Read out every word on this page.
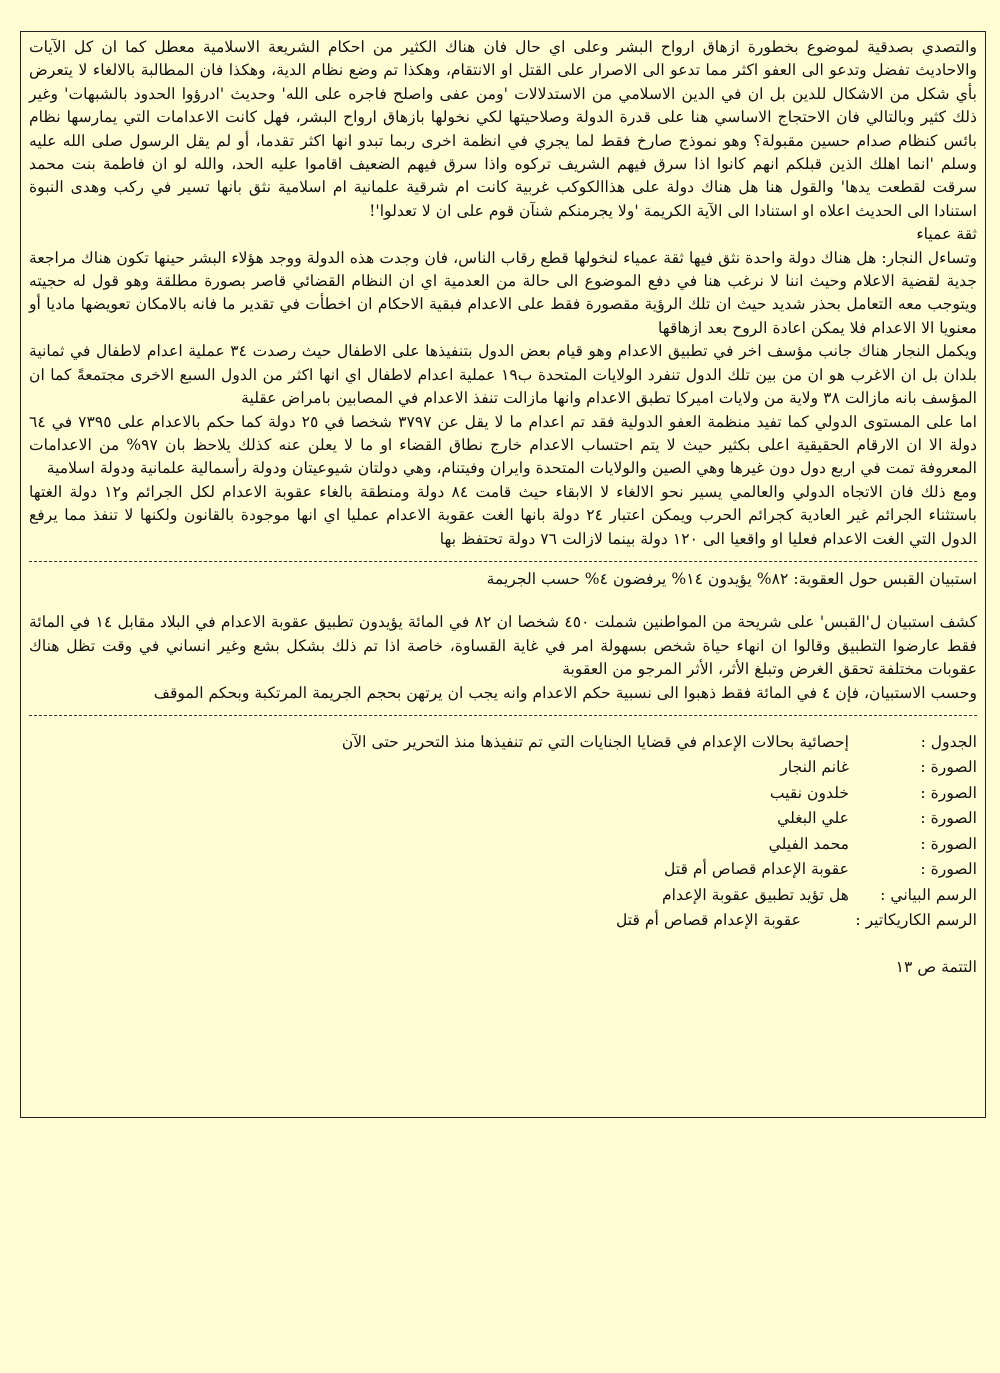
والتصدي بصدقية لموضوع بخطورة ازهاق ارواح البشر وعلى اي حال فان هناك الكثير من احكام الشريعة الاسلامية معطل كما ان كل الآيات والاحاديث تفضل وتدعو الى العفو اكثر مما تدعو الى الاصرار على القتل او الانتقام، وهكذا تم وضع نظام الدية، وهكذا فان المطالبة بالالغاء لا يتعرض بأي شكل من الاشكال للدين بل ان في الدين الاسلامي من الاستدلالات 'ومن عفى واصلح فاجره على الله' وحديث 'ادرؤوا الحدود بالشبهات' وغير ذلك كثير وبالتالي فان الاحتجاج الاساسي هنا على قدرة الدولة وصلاحيتها لكي نخولها بازهاق ارواح البشر، فهل كانت الاعدامات التي يمارسها نظام بائس كنظام صدام حسين مقبولة؟ وهو نموذج صارخ فقط لما يجري في انظمة اخرى ربما تبدو انها اكثر تقدما، أو لم يقل الرسول صلى الله عليه وسلم 'انما اهلك الذين قبلكم انهم كانوا اذا سرق فيهم الشريف تركوه واذا سرق فيهم الضعيف اقاموا عليه الحد، والله لو ان فاطمة بنت محمد سرقت لقطعت يدها' والقول هنا هل هناك دولة على هذاالكوكب غربية كانت ام شرقية علمانية ام اسلامية نثق بانها تسير في ركب وهدى النبوة استنادا الى الحديث اعلاه او استنادا الى الآية الكريمة 'ولا يجرمنكم شنآن قوم على ان لا تعدلوا'!

ثقة عمياء

وتساءل النجار: هل هناك دولة واحدة نثق فيها ثقة عمياء لنخولها قطع رقاب الناس، فان وجدت هذه الدولة ووجد هؤلاء البشر حينها تكون هناك مراجعة جدية لقضية الاعلام وحيث اننا لا نرغب هنا في دفع الموضوع الى حالة من العدمية اي ان النظام القضائي قاصر بصورة مطلقة وهو قول له حجيته ويتوجب معه التعامل بحذر شديد حيث ان تلك الرؤية مقصورة فقط على الاعدام فبقية الاحكام ان اخطأت في تقدير ما فانه بالامكان تعويضها ماديا أو معنويا الا الاعدام فلا يمكن اعادة الروح بعد ازهاقها

ويكمل النجار هناك جانب مؤسف اخر في تطبيق الاعدام وهو قيام بعض الدول بتنفيذها على الاطفال حيث رصدت ٣٤ عملية اعدام لاطفال في ثمانية بلدان بل ان الاغرب هو ان من بين تلك الدول تنفرد الولايات المتحدة ب١٩ عملية اعدام لاطفال اي انها اكثر من الدول السبع الاخرى مجتمعةً كما ان المؤسف بانه مازالت ٣٨ ولاية من ولايات اميركا تطبق الاعدام وانها مازالت تنفذ الاعدام في المصابين بامراض عقلية

اما على المستوى الدولي كما تفيد منظمة العفو الدولية فقد تم اعدام ما لا يقل عن ٣٧٩٧ شخصا في ٢٥ دولة كما حكم بالاعدام على ٧٣٩٥ في ٦٤ دولة الا ان الارقام الحقيقية اعلى بكثير حيث لا يتم احتساب الاعدام خارج نطاق القضاء او ما لا يعلن عنه كذلك يلاحظ بان ٩٧% من الاعدامات المعروفة تمت في اربع دول دون غيرها وهي الصين والولايات المتحدة وايران وفيتنام، وهي دولتان شيوعيتان ودولة رأسمالية علمانية ودولة اسلامية

ومع ذلك فان الاتجاه الدولي والعالمي يسير نحو الالغاء لا الابقاء حيث قامت ٨٤ دولة ومنطقة بالغاء عقوبة الاعدام لكل الجرائم و١٢ دولة الغتها باستثناء الجرائم غير العادية كجرائم الحرب ويمكن اعتبار ٢٤ دولة بانها الغت عقوبة الاعدام عمليا اي انها موجودة بالقانون ولكنها لا تنفذ مما يرفع الدول التي الغت الاعدام فعليا او واقعيا الى ١٢٠ دولة بينما لازالت ٧٦ دولة تحتفظ بها

استبيان القبس حول العقوبة: ٨٢% يؤيدون ١٤% يرفضون ٤% حسب الجريمة

كشف استبيان ل'القبس' على شريحة من المواطنين شملت ٤٥٠ شخصا ان ٨٢ في المائة يؤيدون تطبيق عقوبة الاعدام في البلاد مقابل ١٤ في المائة فقط عارضوا التطبيق وقالوا ان انهاء حياة شخص بسهولة امر في غاية القساوة، خاصة اذا تم ذلك بشكل بشع وغير انساني في وقت تظل هناك عقوبات مختلفة تحقق الغرض وتبلغ الأثر، الأثر المرجو من العقوبة

وحسب الاستبيان، فإن ٤ في المائة فقط ذهبوا الى نسبية حكم الاعدام وانه يجب ان يرتهن بحجم الجريمة المرتكبة وبحكم الموقف

الجدول :
إحصائية بحالات الإعدام في قضايا الجنايات التي تم تنفيذها منذ التحرير حتى الآن
الصورة :
غانم النجار
الصورة :
خلدون نقيب
الصورة :
علي البغلي
الصورة :
محمد الفيلي
الصورة :
عقوبة الإعدام قصاص أم قتل
الرسم البياني :
هل تؤيد تطبيق عقوبة الإعدام
الرسم الكاريكاتير :
عقوبة الإعدام قصاص أم قتل
التتمة ص ١٣
